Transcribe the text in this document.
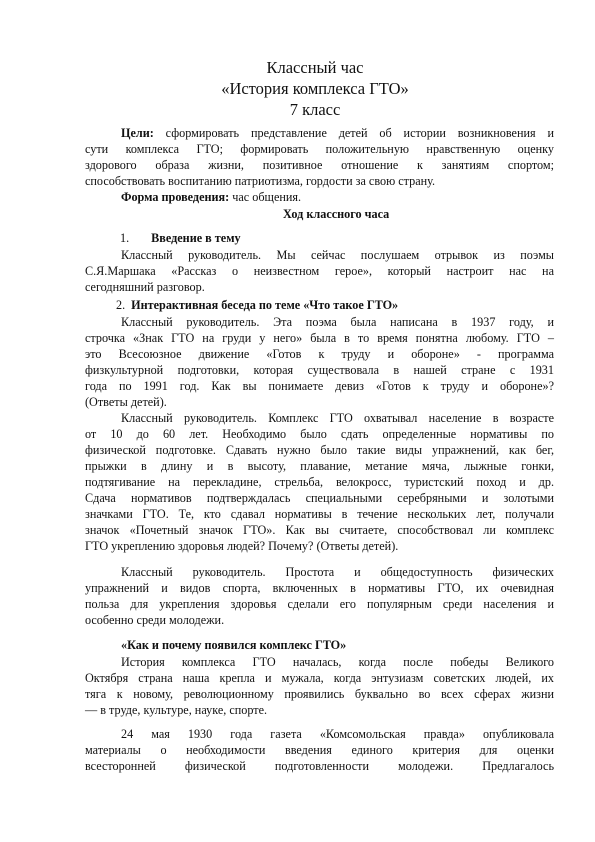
Классный час
«История комплекса ГТО»
7 класс
Цели: сформировать представление детей об истории возникновения и
сути комплекса ГТО; формировать положительную нравственную оценку
здорового образа жизни, позитивное отношение к занятиям спортом;
способствовать воспитанию патриотизма, гордости за свою страну.
Форма проведения: час общения.
Ход классного часа
1. Введение в тему
Классный руководитель. Мы сейчас послушаем отрывок из поэмы
С.Я.Маршака «Рассказ о неизвестном герое», который настроит нас на
сегодняшний разговор.
2. Интерактивная беседа по теме «Что такое ГТО»
Классный руководитель. Эта поэма была написана в 1937 году, и
строчка «Знак ГТО на груди у него» была в то время понятна любому. ГТО –
это Всесоюзное движение «Готов к труду и обороне» - программа
физкультурной подготовки, которая существовала в нашей стране с 1931
года по 1991 год. Как вы понимаете девиз «Готов к труду и обороне»?
(Ответы детей).
Классный руководитель. Комплекс ГТО охватывал население в возрасте
от 10 до 60 лет. Необходимо было сдать определенные нормативы по
физической подготовке. Сдавать нужно было такие виды упражнений, как бег,
прыжки в длину и в высоту, плавание, метание мяча, лыжные гонки,
подтягивание на перекладине, стрельба, велокросс, туристский поход и др.
Сдача нормативов подтверждалась специальными серебряными и золотыми
значками ГТО. Те, кто сдавал нормативы в течение нескольких лет, получали
значок «Почетный значок ГТО». Как вы считаете, способствовал ли комплекс
ГТО укреплению здоровья людей? Почему? (Ответы детей).
Классный руководитель. Простота и общедоступность физических
упражнений и видов спорта, включенных в нормативы ГТО, их очевидная
польза для укрепления здоровья сделали его популярным среди населения и
особенно среди молодежи.
«Как и почему появился комплекс ГТО»
История комплекса ГТО началась, когда после победы Великого
Октября страна наша крепла и мужала, когда энтузиазм советских людей, их
тяга к новому, революционному проявились буквально во всех сферах жизни
— в труде, культуре, науке, спорте.
24 мая 1930 года газета «Комсомольская правда» опубликовала
материалы о необходимости введения единого критерия для оценки
всесторонней физической подготовленности молодежи. Предлагалось
